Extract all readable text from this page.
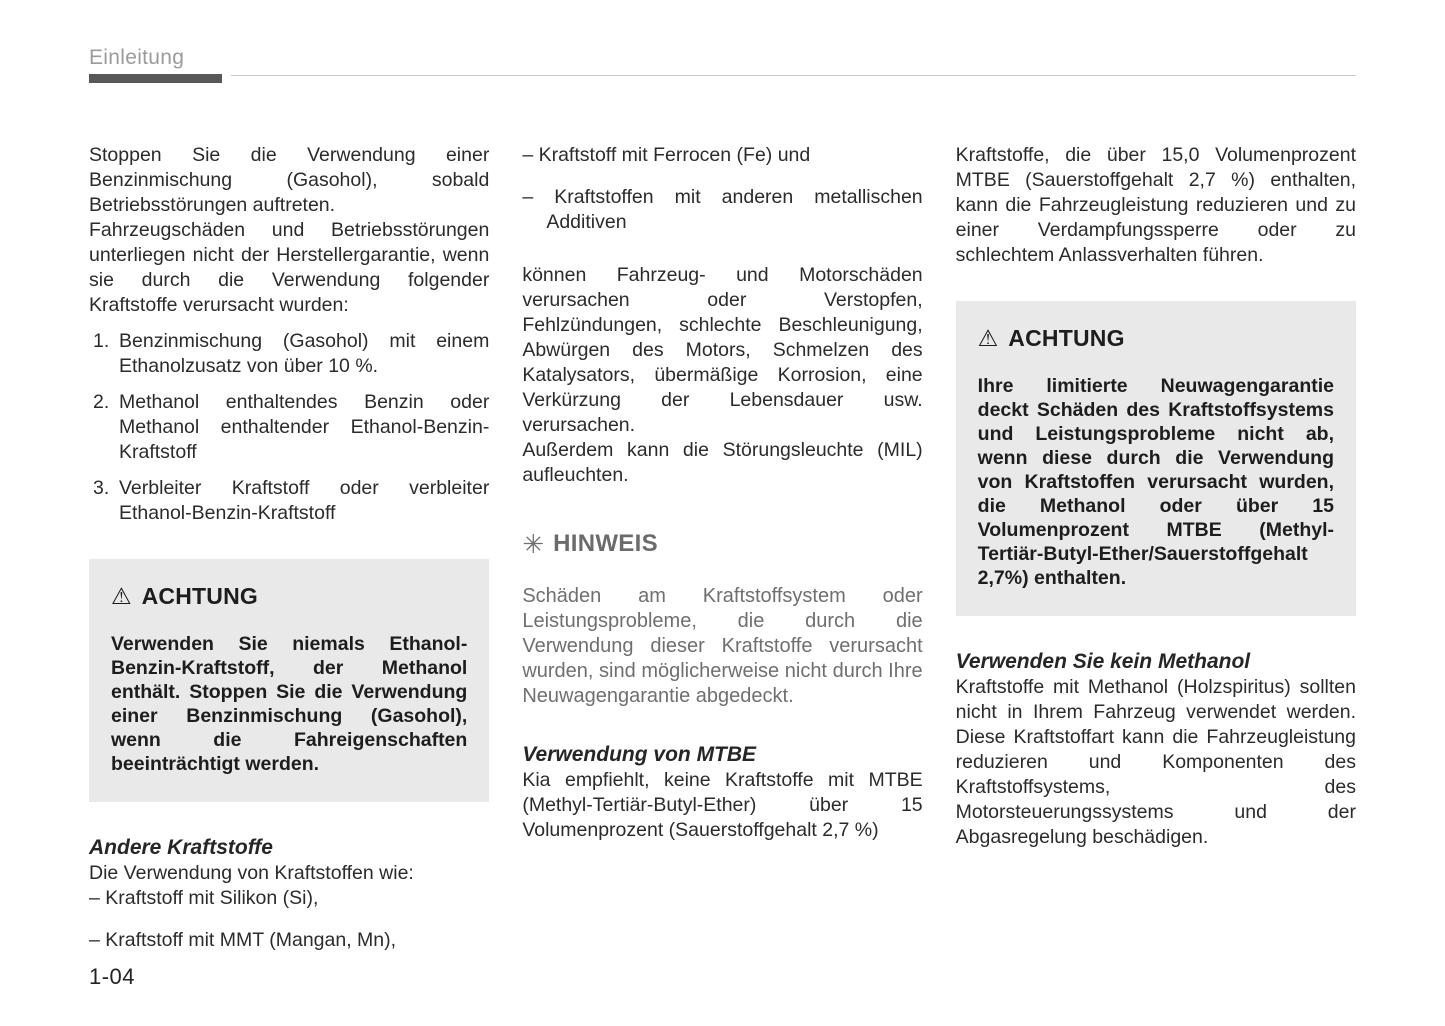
Einleitung

Stoppen Sie die Verwendung einer Benzinmischung (Gasohol), sobald Betriebsstörungen auftreten.

Fahrzeugschäden und Betriebsstörungen unterliegen nicht der Herstellergarantie, wenn sie durch die Verwendung folgender Kraftstoffe verursacht wurden:

1. Benzinmischung (Gasohol) mit einem Ethanolzusatz von über 10 %.
2. Methanol enthaltendes Benzin oder Methanol enthaltender Ethanol-Benzin-Kraftstoff
3. Verbleiter Kraftstoff oder verbleiter Ethanol-Benzin-Kraftstoff
⚠ ACHTUNG

Verwenden Sie niemals Ethanol-Benzin-Kraftstoff, der Methanol enthält. Stoppen Sie die Verwendung einer Benzinmischung (Gasohol), wenn die Fahreigenschaften beeinträchtigt werden.

Andere Kraftstoffe

Die Verwendung von Kraftstoffen wie:

– Kraftstoff mit Silikon (Si),

– Kraftstoff mit MMT (Mangan, Mn),

– Kraftstoff mit Ferrocen (Fe) und

– Kraftstoffen mit anderen metallischen Additiven

können Fahrzeug- und Motorschäden verursachen oder Verstopfen, Fehlzündungen, schlechte Beschleunigung, Abwürgen des Motors, Schmelzen des Katalysators, übermäßige Korrosion, eine Verkürzung der Lebensdauer usw. verursachen.

Außerdem kann die Störungsleuchte (MIL) aufleuchten.

✳ HINWEIS

Schäden am Kraftstoffsystem oder Leistungsprobleme, die durch die Verwendung dieser Kraftstoffe verursacht wurden, sind möglicherweise nicht durch Ihre Neuwagengarantie abgedeckt.

Verwendung von MTBE

Kia empfiehlt, keine Kraftstoffe mit MTBE (Methyl-Tertiär-Butyl-Ether) über 15 Volumenprozent (Sauerstoffgehalt 2,7 %)

Kraftstoffe, die über 15,0 Volumenprozent MTBE (Sauerstoffgehalt 2,7 %) enthalten, kann die Fahrzeugleistung reduzieren und zu einer Verdampfungssperre oder zu schlechtem Anlassverhalten führen.

⚠ ACHTUNG

Ihre limitierte Neuwagengarantie deckt Schäden des Kraftstoffsystems und Leistungsprobleme nicht ab, wenn diese durch die Verwendung von Kraftstoffen verursacht wurden, die Methanol oder über 15 Volumenprozent MTBE (Methyl-Tertiär-Butyl-Ether/Sauerstoffgehalt 2,7%) enthalten.

Verwenden Sie kein Methanol

Kraftstoffe mit Methanol (Holzspiritus) sollten nicht in Ihrem Fahrzeug verwendet werden. Diese Kraftstoffart kann die Fahrzeugleistung reduzieren und Komponenten des Kraftstoffsystems, des Motorsteuerungssystems und der Abgasregelung beschädigen.

1-04
